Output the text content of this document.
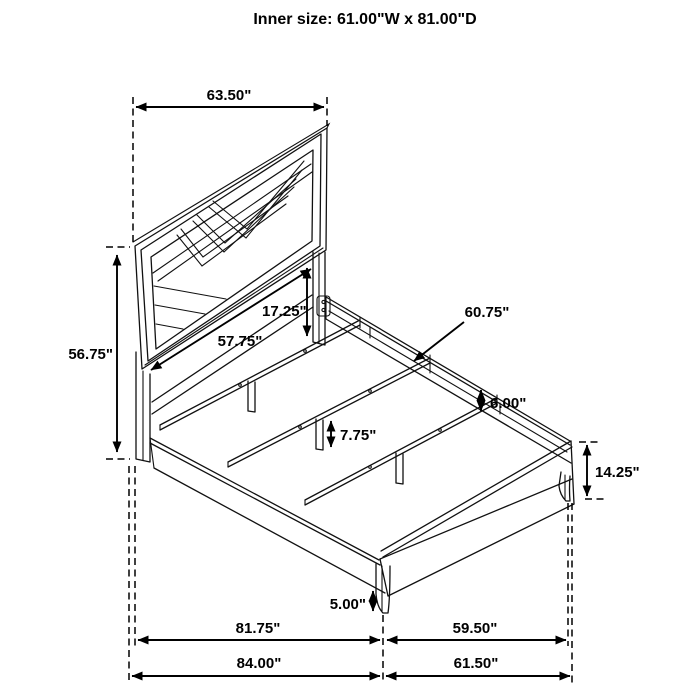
63.50"
56.75"
17.25"
57.75"
60.75"
6.00"
7.75"
14.25"
5.00"
81.75"	59.50"
84.00"	61.50"
Inner size: 61.00"W x 81.00"D
